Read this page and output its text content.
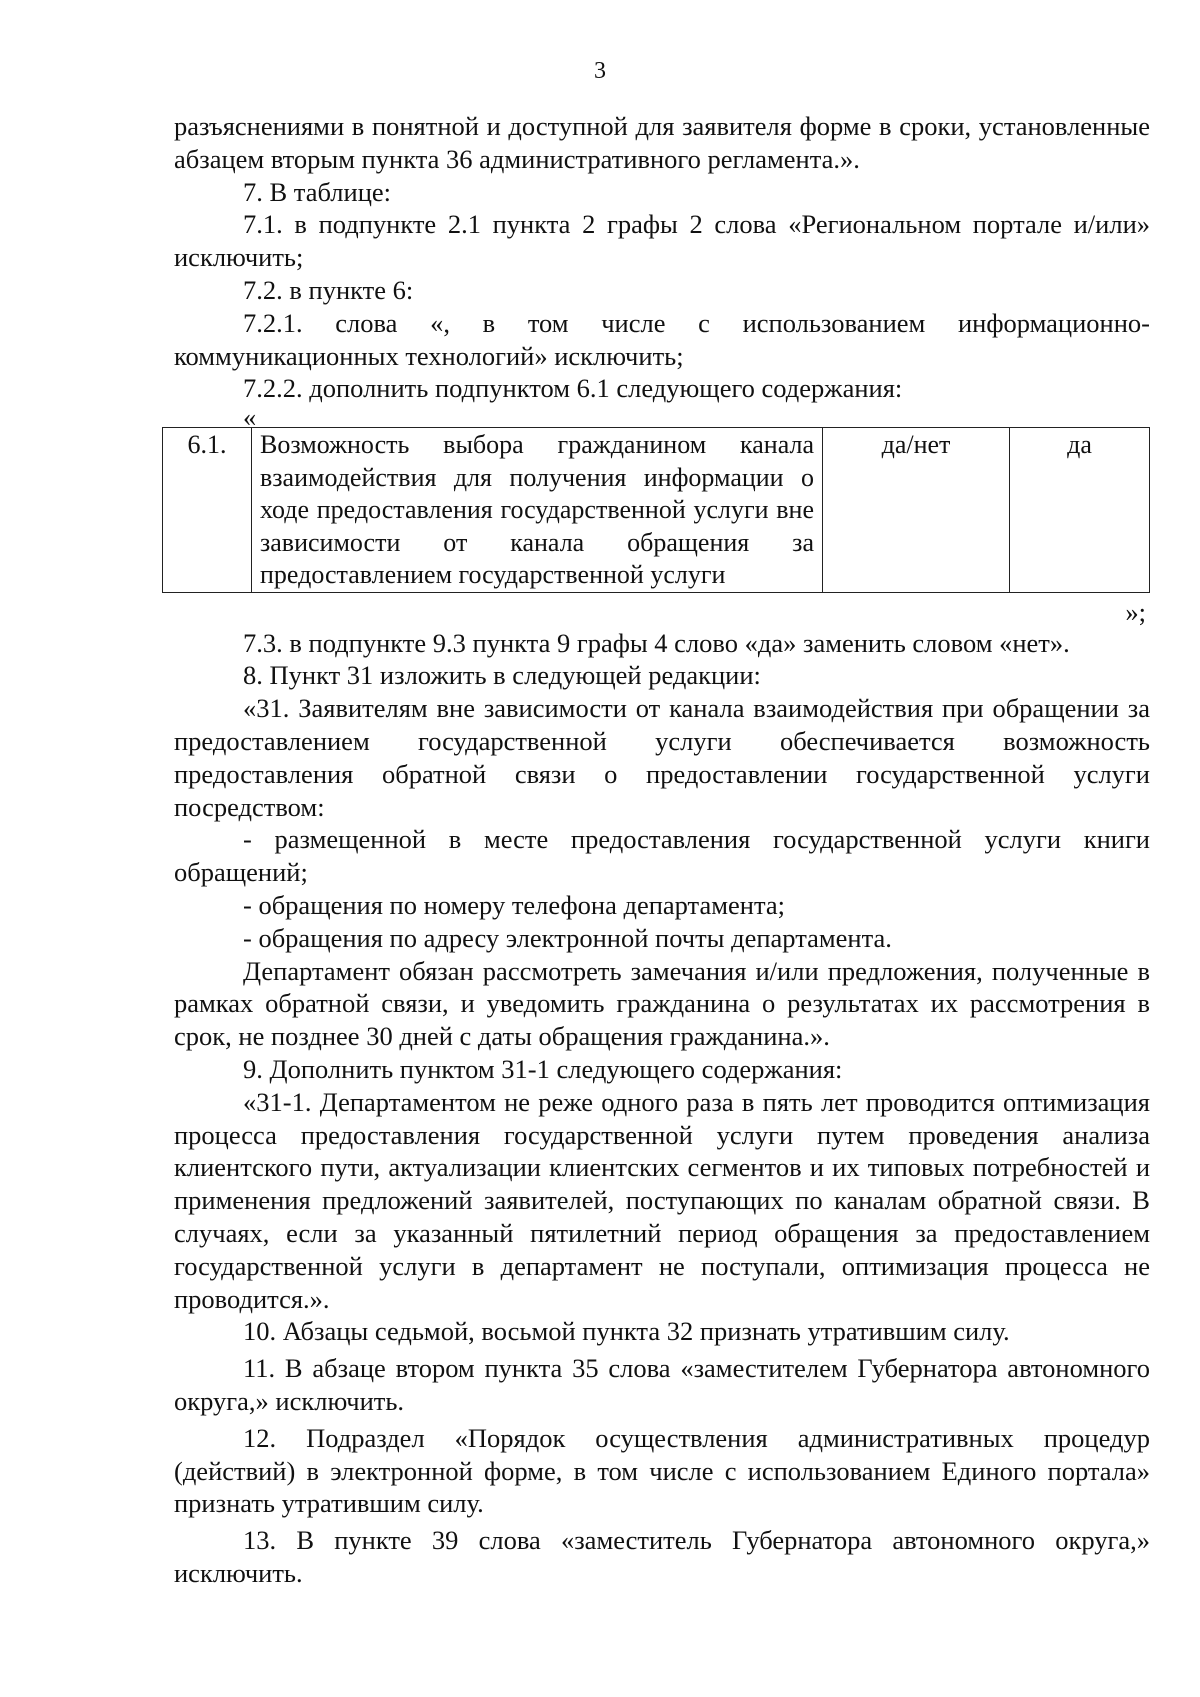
3

разъяснениями в понятной и доступной для заявителя форме в сроки, установленные абзацем вторым пункта 36 административного регламента.».

7. В таблице:

7.1. в подпункте 2.1 пункта 2 графы 2 слова «Региональном портале и/или» исключить;

7.2. в пункте 6:

7.2.1. слова «, в том числе с использованием информационно-коммуникационных технологий» исключить;

7.2.2. дополнить подпунктом 6.1 следующего содержания:

«
6.1.	Возможность выбора гражданином канала взаимодействия для получения информации о ходе предоставления государственной услуги вне зависимости от канала обращения за предоставлением государственной услуги	да/нет	да
»;

7.3. в подпункте 9.3 пункта 9 графы 4 слово «да» заменить словом «нет».

8. Пункт 31 изложить в следующей редакции:

«31. Заявителям вне зависимости от канала взаимодействия при обращении за предоставлением государственной услуги обеспечивается возможность предоставления обратной связи о предоставлении государственной услуги посредством:

- размещенной в месте предоставления государственной услуги книги обращений;

- обращения по номеру телефона департамента;

- обращения по адресу электронной почты департамента.

Департамент обязан рассмотреть замечания и/или предложения, полученные в рамках обратной связи, и уведомить гражданина о результатах их рассмотрения в срок, не позднее 30 дней с даты обращения гражданина.».

9. Дополнить пунктом 31-1 следующего содержания:

«31-1. Департаментом не реже одного раза в пять лет проводится оптимизация процесса предоставления государственной услуги путем проведения анализа клиентского пути, актуализации клиентских сегментов и их типовых потребностей и применения предложений заявителей, поступающих по каналам обратной связи. В случаях, если за указанный пятилетний период обращения за предоставлением государственной услуги в департамент не поступали, оптимизация процесса не проводится.».

10. Абзацы седьмой, восьмой пункта 32 признать утратившим силу.

11. В абзаце втором пункта 35 слова «заместителем Губернатора автономного округа,» исключить.

12. Подраздел «Порядок осуществления административных процедур (действий) в электронной форме, в том числе с использованием Единого портала» признать утратившим силу.

13. В пункте 39 слова «заместитель Губернатора автономного округа,» исключить.
